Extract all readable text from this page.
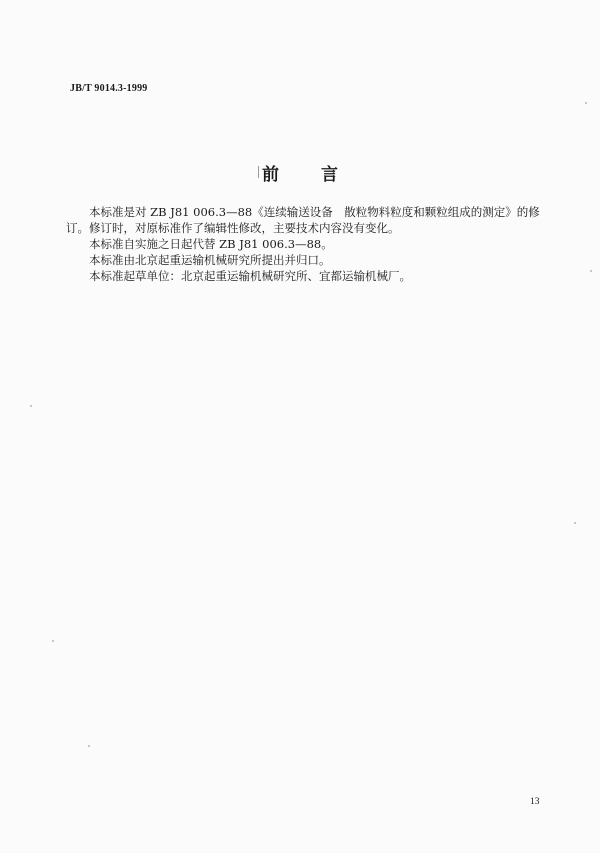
JB/T 9014.3-1999
前 言

本标准是对 ZB J81 006.3—88《连续输送设备　散粒物料粒度和颗粒组成的测定》的修订。修订时，对原标准作了编辑性修改，主要技术内容没有变化。

本标准自实施之日起代替 ZB J81 006.3—88。

本标准由北京起重运输机械研究所提出并归口。

本标准起草单位：北京起重运输机械研究所、宜都运输机械厂。

13
